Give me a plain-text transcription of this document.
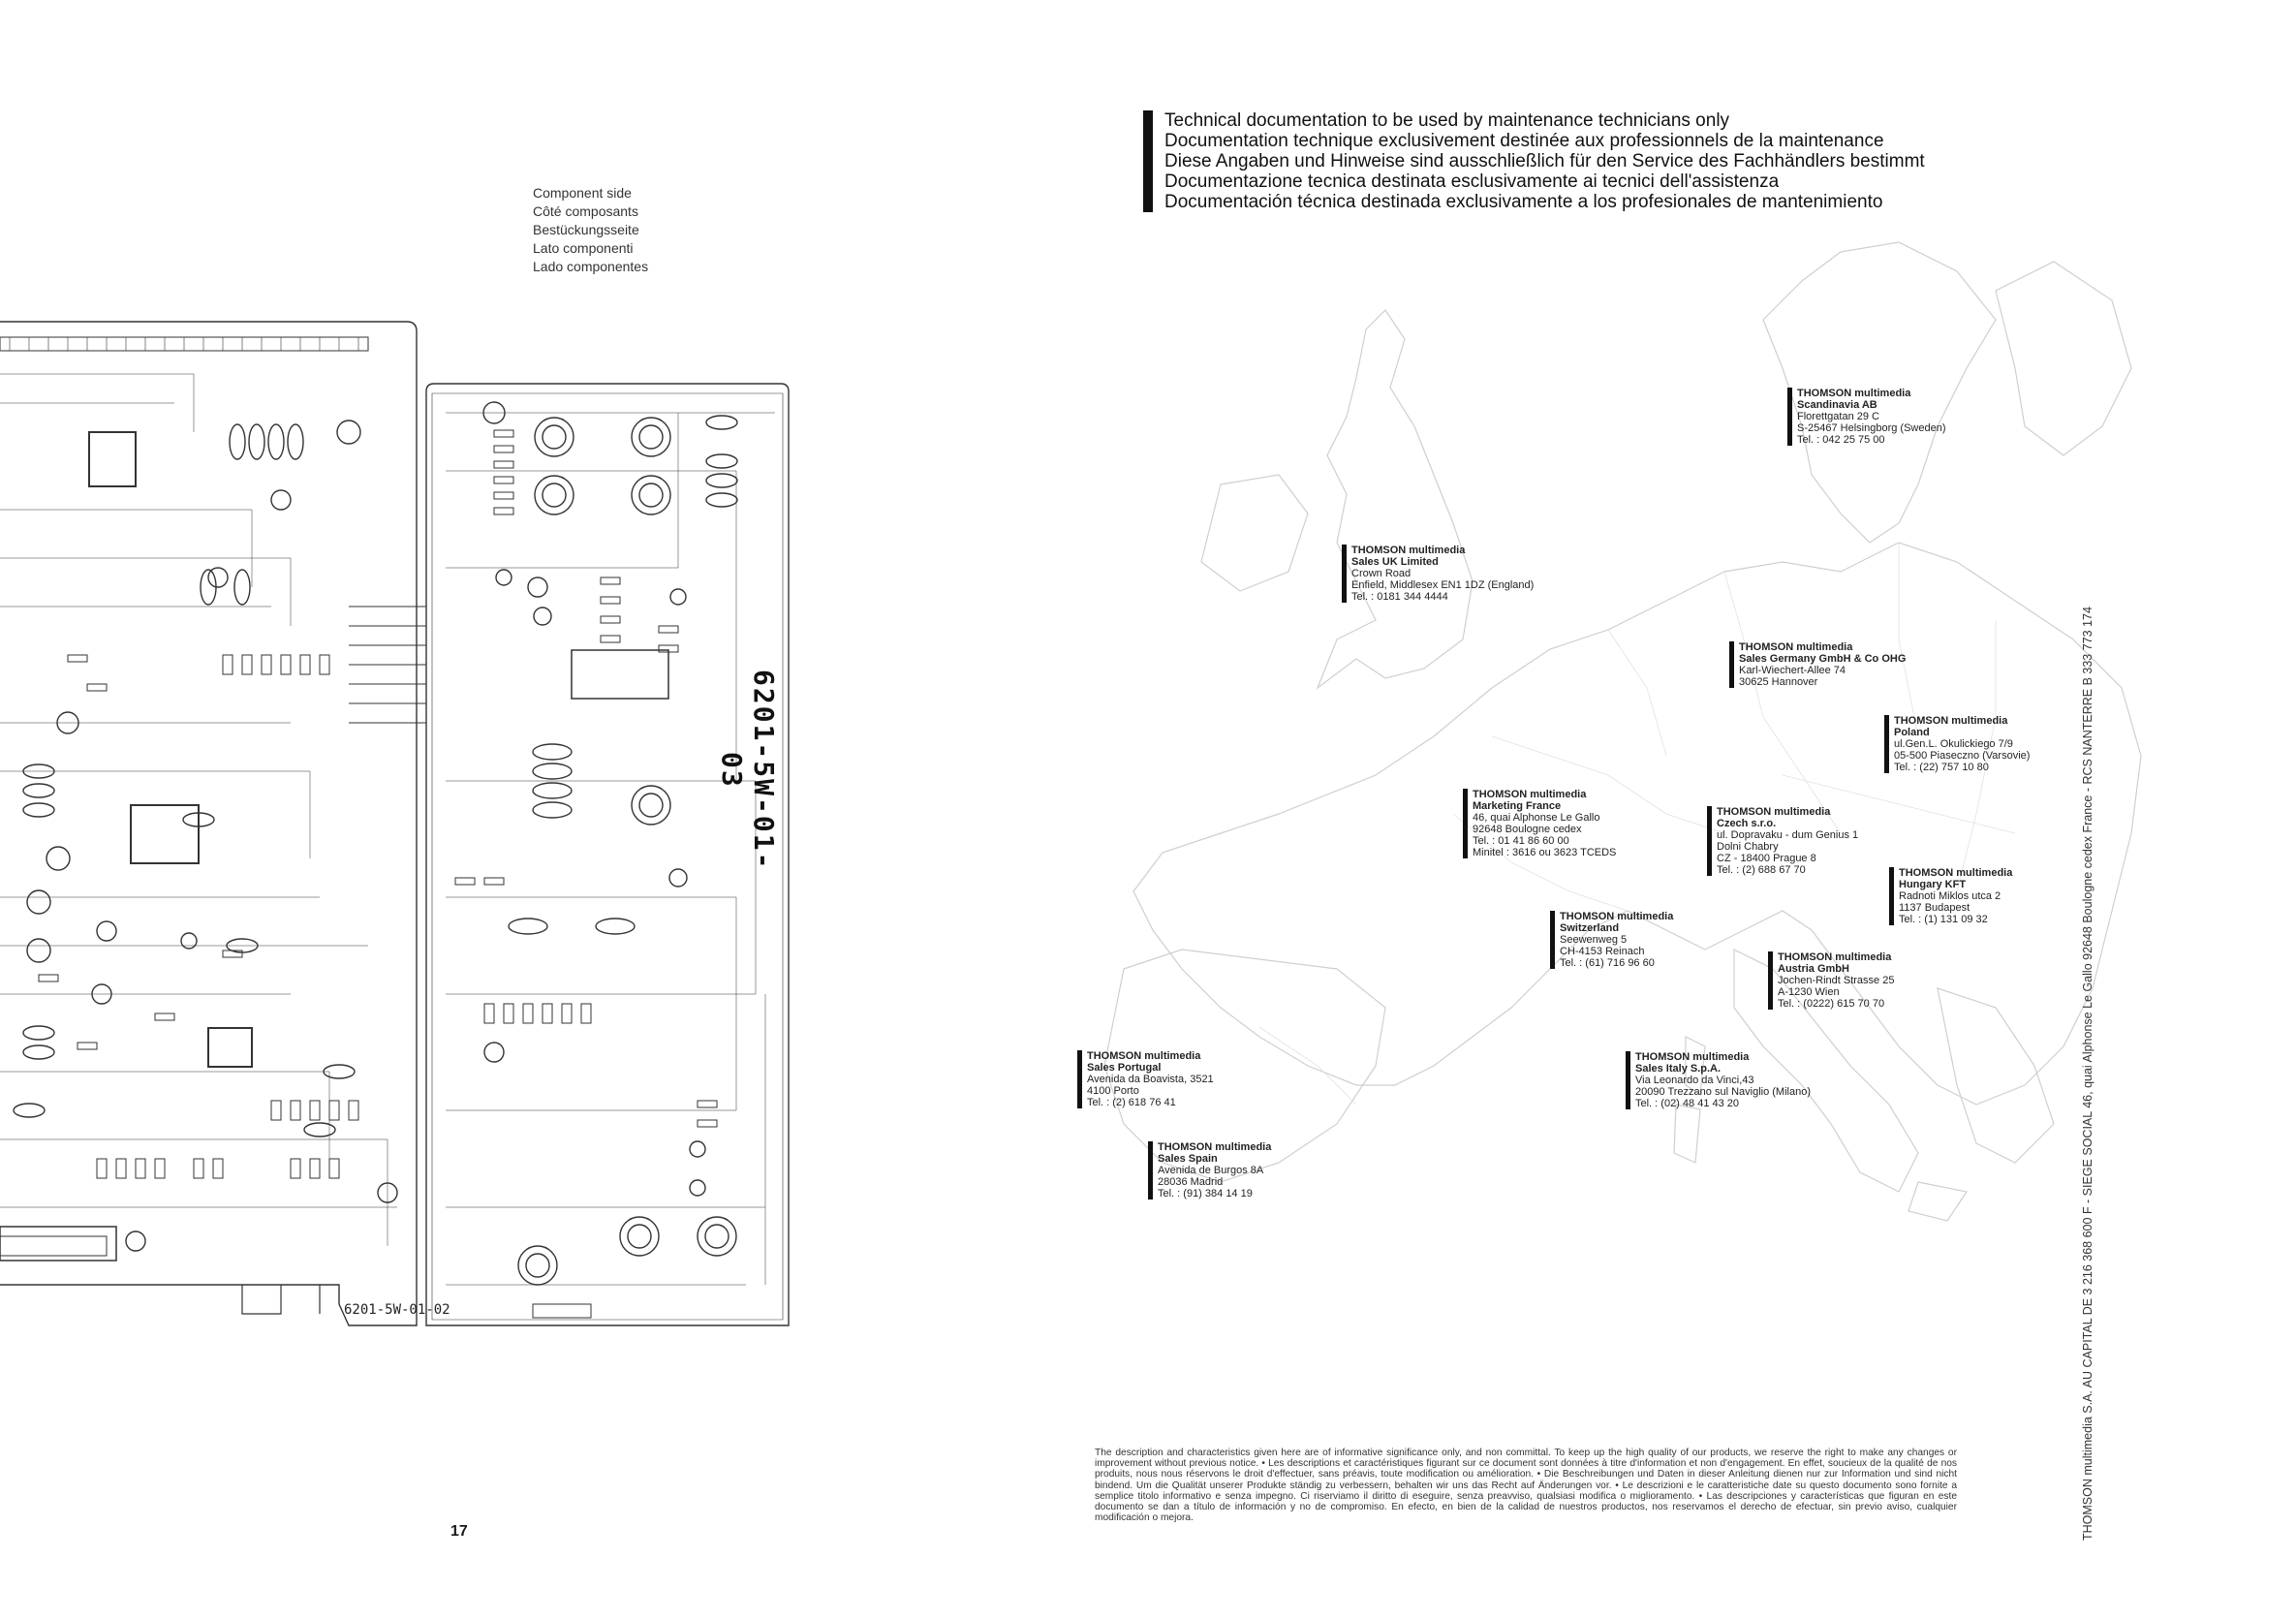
Component side
Côté composants
Bestückungsseite
Lato componenti
Lado componentes
6201-5W-01-03
6201-5W-01-02
17
Technical documentation to be used by maintenance technicians only
Documentation technique exclusivement destinée aux professionnels de la maintenance
Diese Angaben und Hinweise sind ausschließlich für den Service des Fachhändlers bestimmt
Documentazione tecnica destinata esclusivamente ai tecnici dell'assistenza
Documentación técnica destinada exclusivamente a los profesionales de mantenimiento
THOMSON multimedia
Scandinavia AB
Florettgatan 29 C
S-25467 Helsingborg (Sweden)
Tel. : 042 25 75 00
THOMSON multimedia
Sales UK Limited
Crown Road
Enfield, Middlesex EN1 1DZ (England)
Tel. : 0181 344 4444
THOMSON multimedia
Sales Germany GmbH & Co OHG
Karl-Wiechert-Allee 74
30625 Hannover
THOMSON multimedia
Poland
ul.Gen.L. Okulickiego 7/9
05-500 Piaseczno (Varsovie)
Tel. : (22) 757 10 80
THOMSON multimedia
Marketing France
46, quai Alphonse Le Gallo
92648 Boulogne cedex
Tel. : 01 41 86 60 00
Minitel : 3616 ou 3623 TCEDS
THOMSON multimedia
Czech s.r.o.
ul. Dopravaku - dum Genius 1
Dolni Chabry
CZ - 18400 Prague 8
Tel. : (2) 688 67 70	THOMSON multimedia
Hungary KFT
Radnoti Miklos utca 2
1137 Budapest
Tel. : (1) 131 09 32
THOMSON multimedia
Switzerland
Seewenweg 5
CH-4153 Reinach
Tel. : (61) 716 96 60	THOMSON multimedia
Austria GmbH
Jochen-Rindt Strasse 25
A-1230 Wien
Tel. : (0222) 615 70 70
THOMSON multimedia
Sales Portugal
Avenida da Boavista, 3521
4100 Porto
Tel. : (2) 618 76 41
THOMSON multimedia
Sales Italy S.p.A.
Via Leonardo da Vinci,43
20090 Trezzano sul Naviglio (Milano)
Tel. : (02) 48 41 43 20
THOMSON multimedia
Sales Spain
Avenida de Burgos 8A
28036 Madrid
Tel. : (91) 384 14 19
The description and characteristics given here are of informative significance only, and non committal. To keep up the high quality of our products, we reserve the right to make any changes or improvement without previous notice. • Les descriptions et caractéristiques figurant sur ce document sont données à titre d'information et non d'engagement. En effet, soucieux de la qualité de nos produits, nous nous réservons le droit d'effectuer, sans préavis, toute modification ou amélioration. • Die Beschreibungen und Daten in dieser Anleitung dienen nur zur Information und sind nicht bindend. Um die Qualität unserer Produkte ständig zu verbessern, behalten wir uns das Recht auf Änderungen vor. • Le descrizioni e le caratteristiche date su questo documento sono fornite a semplice titolo informativo e senza impegno. Ci riserviamo il diritto di eseguire, senza preavviso, qualsiasi modifica o miglioramento. • Las descripciones y características que figuran en este documento se dan a título de información y no de compromiso. En efecto, en bien de la calidad de nuestros productos, nos reservamos el derecho de efectuar, sin previo aviso, cualquier modificación o mejora.	THOMSON multimedia S.A. AU CAPITAL DE 3 216 368 600 F - SIEGE SOCIAL 46, quai Alphonse Le Gallo 92648 Boulogne cedex France - RCS NANTERRE B 333 773 174
